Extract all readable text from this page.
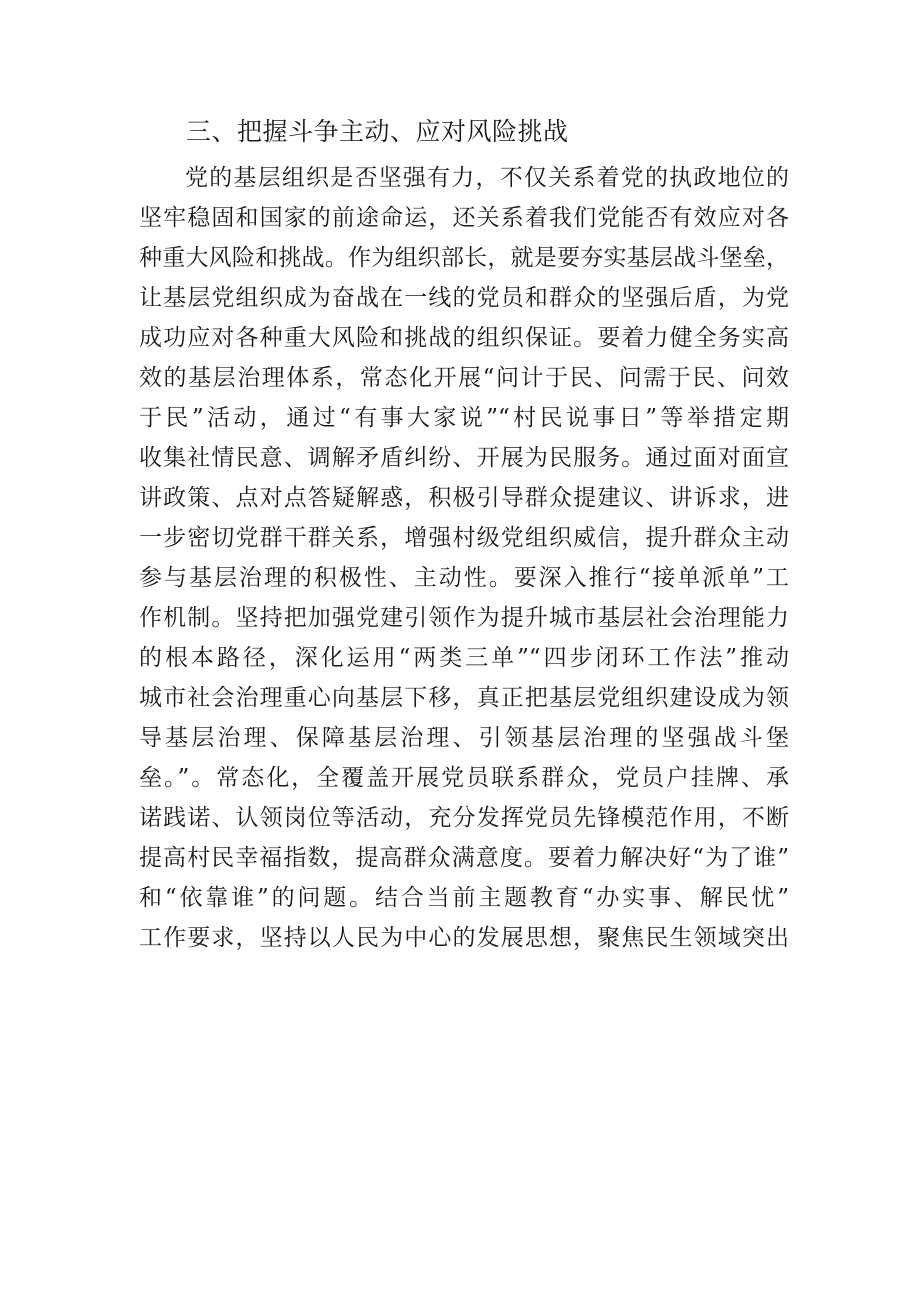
三、把握斗争主动、应对风险挑战
党的基层组织是否坚强有力，不仅关系着党的执政地位的
坚牢稳固和国家的前途命运，还关系着我们党能否有效应对各
种重大风险和挑战。作为组织部长，就是要夯实基层战斗堡垒，
让基层党组织成为奋战在一线的党员和群众的坚强后盾，为党
成功应对各种重大风险和挑战的组织保证。要着力健全务实高
效的基层治理体系，常态化开展“问计于民、问需于民、问效
于民”活动，通过“有事大家说”“村民说事日”等举措定期
收集社情民意、调解矛盾纠纷、开展为民服务。通过面对面宣
讲政策、点对点答疑解惑，积极引导群众提建议、讲诉求，进
一步密切党群干群关系，增强村级党组织威信，提升群众主动
参与基层治理的积极性、主动性。要深入推行“接单派单”工
作机制。坚持把加强党建引领作为提升城市基层社会治理能力
的根本路径，深化运用“两类三单”“四步闭环工作法”推动
城市社会治理重心向基层下移，真正把基层党组织建设成为领
导基层治理、保障基层治理、引领基层治理的坚强战斗堡
垒。”。常态化，全覆盖开展党员联系群众，党员户挂牌、承
诺践诺、认领岗位等活动，充分发挥党员先锋模范作用，不断
提高村民幸福指数，提高群众满意度。要着力解决好“为了谁”
和“依靠谁”的问题。结合当前主题教育“办实事、解民忧”
工作要求，坚持以人民为中心的发展思想，聚焦民生领域突出
